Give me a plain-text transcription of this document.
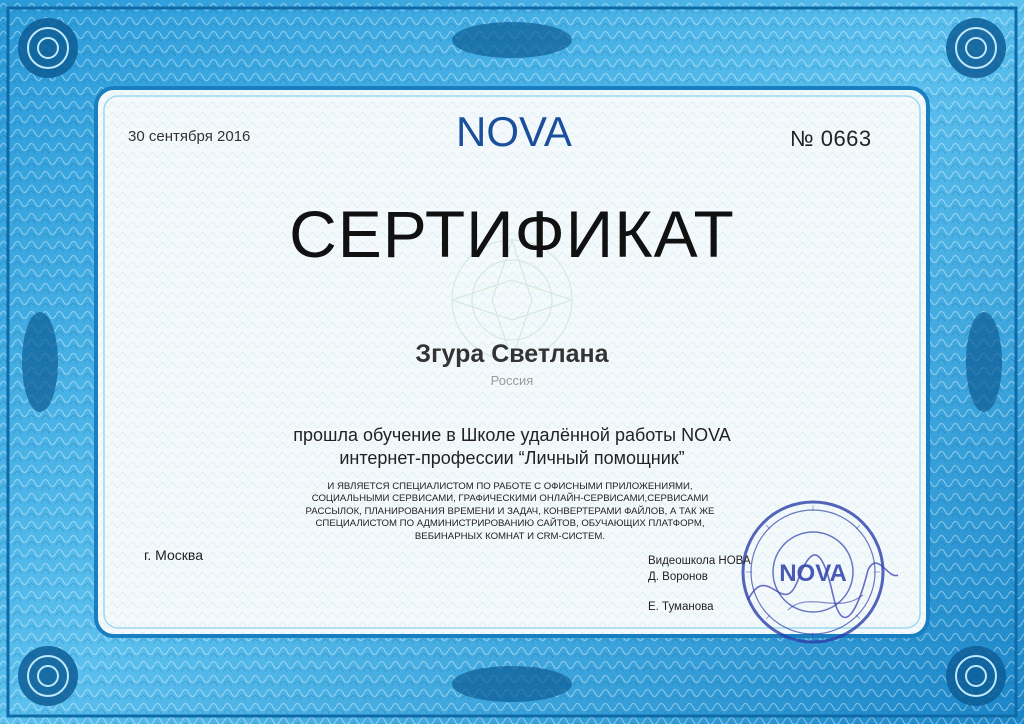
30 сентября 2016	NOVA	№ 0663
СЕРТИФИКАТ
Згура Светлана
Россия
прошла обучение в Школе удалённой работы NOVA
интернет-профессии “Личный помощник”
И ЯВЛЯЕТСЯ СПЕЦИАЛИСТОМ ПО РАБОТЕ С ОФИСНЫМИ ПРИЛОЖЕНИЯМИ,
СОЦИАЛЬНЫМИ СЕРВИСАМИ, ГРАФИЧЕСКИМИ ОНЛАЙН-СЕРВИСАМИ,СЕРВИСАМИ
РАССЫЛОК, ПЛАНИРОВАНИЯ ВРЕМЕНИ И ЗАДАЧ, КОНВЕРТЕРАМИ ФАЙЛОВ, А ТАК ЖЕ
СПЕЦИАЛИСТОМ ПО АДМИНИСТРИРОВАНИЮ САЙТОВ, ОБУЧАЮЩИХ ПЛАТФОРМ,
ВЕБИНАРНЫХ КОМНАТ И CRM-СИСТЕМ.
г. Москва
NOVA
Видеошкола НОВА
Д. Воронов
Е. Туманова
